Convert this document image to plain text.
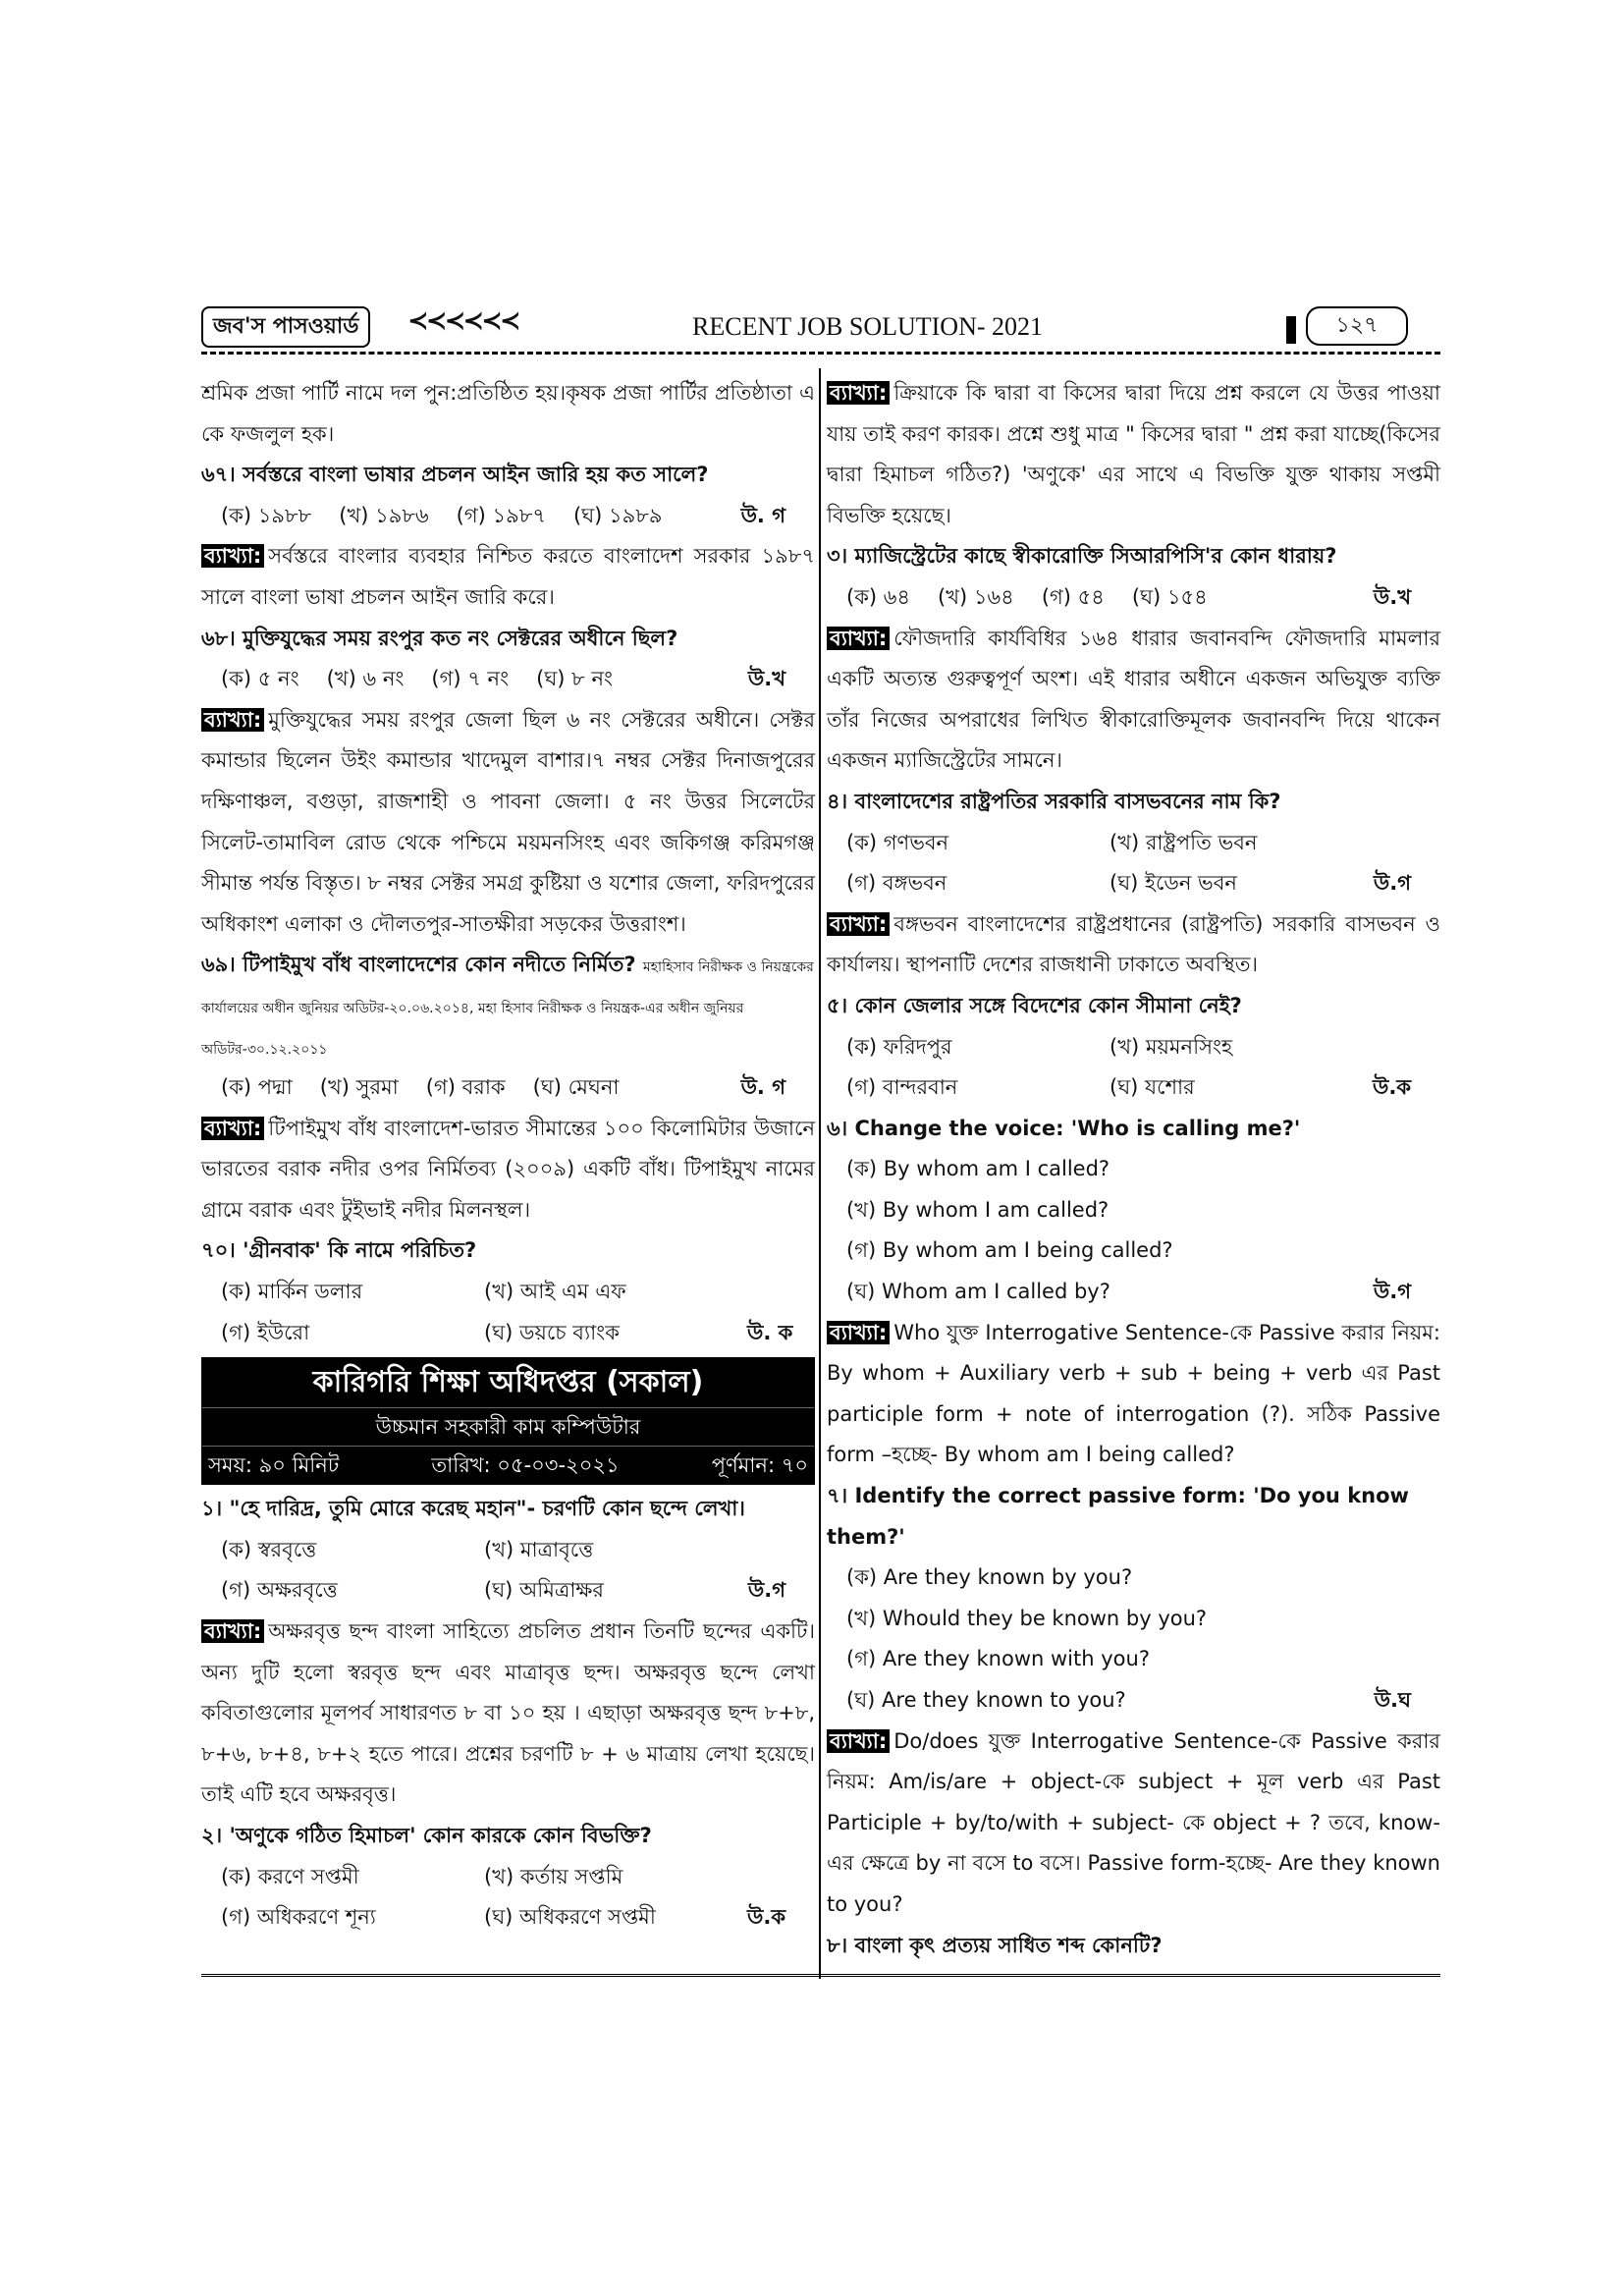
জব'স পাসওয়ার্ড	≺≺≺≺≺≺	RECENT JOB SOLUTION- 2021	১২৭
শ্রমিক প্রজা পার্টি নামে দল পুন:প্রতিষ্ঠিত হয়।কৃষক প্রজা পার্টির প্রতিষ্ঠাতা এ কে ফজলুল হক।
৬৭। সর্বস্তরে বাংলা ভাষার প্রচলন আইন জারি হয় কত সালে?
(ক) ১৯৮৮ (খ) ১৯৮৬ (গ) ১৯৮৭ (ঘ) ১৯৮৯	উ. গ
ব্যাখ্যা: সর্বস্তরে বাংলার ব্যবহার নিশ্চিত করতে বাংলাদেশ সরকার ১৯৮৭ সালে বাংলা ভাষা প্রচলন আইন জারি করে।
৬৮। মুক্তিযুদ্ধের সময় রংপুর কত নং সেক্টরের অধীনে ছিল?
(ক) ৫ নং (খ) ৬ নং (গ) ৭ নং (ঘ) ৮ নং	উ.খ
ব্যাখ্যা: মুক্তিযুদ্ধের সময় রংপুর জেলা ছিল ৬ নং সেক্টরের অধীনে। সেক্টর কমান্ডার ছিলেন উইং কমান্ডার খাদেমুল বাশার।৭ নম্বর সেক্টর দিনাজপুরের দক্ষিণাঞ্চল, বগুড়া, রাজশাহী ও পাবনা জেলা। ৫ নং উত্তর সিলেটের সিলেট-তামাবিল রোড থেকে পশ্চিমে ময়মনসিংহ এবং জকিগঞ্জ করিমগঞ্জ সীমান্ত পর্যন্ত বিস্তৃত। ৮ নম্বর সেক্টর সমগ্র কুষ্টিয়া ও যশোর জেলা, ফরিদপুরের অধিকাংশ এলাকা ও দৌলতপুর-সাতক্ষীরা সড়কের উত্তরাংশ।
৬৯। টিপাইমুখ বাঁধ বাংলাদেশের কোন নদীতে নির্মিত? মহাহিসাব নিরীক্ষক ও নিয়ন্ত্রকের কার্যালয়ের অধীন জুনিয়র অডিটর-২০.০৬.২০১৪, মহা হিসাব নিরীক্ষক ও নিয়ন্ত্রক-এর অধীন জুনিয়র অডিটর-৩০.১২.২০১১
(ক) পদ্মা (খ) সুরমা (গ) বরাক (ঘ) মেঘনা	উ. গ
ব্যাখ্যা: টিপাইমুখ বাঁধ বাংলাদেশ-ভারত সীমান্তের ১০০ কিলোমিটার উজানে ভারতের বরাক নদীর ওপর নির্মিতব্য (২০০৯) একটি বাঁধ। টিপাইমুখ নামের গ্রামে বরাক এবং টুইভাই নদীর মিলনস্থল।
৭০। 'গ্রীনবাক' কি নামে পরিচিত?
(ক) মার্কিন ডলার	(খ) আই এম এফ
(গ) ইউরো	(ঘ) ডয়চে ব্যাংক	উ. ক
কারিগরি শিক্ষা অধিদপ্তর (সকাল)
উচ্চমান সহকারী কাম কম্পিউটার
সময়: ৯০ মিনিট	তারিখ: ০৫-০৩-২০২১	পূর্ণমান: ৭০
১। "হে দারিদ্র, তুমি মোরে করেছ মহান"- চরণটি কোন ছন্দে লেখা।
(ক) স্বরবৃত্তে	(খ) মাত্রাবৃত্তে
(গ) অক্ষরবৃত্তে	(ঘ) অমিত্রাক্ষর	উ.গ
ব্যাখ্যা: অক্ষরবৃত্ত ছন্দ বাংলা সাহিত্যে প্রচলিত প্রধান তিনটি ছন্দের একটি। অন্য দুটি হলো স্বরবৃত্ত ছন্দ এবং মাত্রাবৃত্ত ছন্দ। অক্ষরবৃত্ত ছন্দে লেখা কবিতাগুলোর মূলপর্ব সাধারণত ৮ বা ১০ হয় । এছাড়া অক্ষরবৃত্ত ছন্দ ৮+৮, ৮+৬, ৮+৪, ৮+২ হতে পারে। প্রশ্নের চরণটি ৮ + ৬ মাত্রায় লেখা হয়েছে। তাই এটি হবে অক্ষরবৃত্ত।
২। 'অণুকে গঠিত হিমাচল' কোন কারকে কোন বিভক্তি?
(ক) করণে সপ্তমী	(খ) কর্তায় সপ্তমি
(গ) অধিকরণে শূন্য	(ঘ) অধিকরণে সপ্তমী	উ.ক
ব্যাখ্যা: ক্রিয়াকে কি দ্বারা বা কিসের দ্বারা দিয়ে প্রশ্ন করলে যে উত্তর পাওয়া যায় তাই করণ কারক। প্রশ্নে শুধু মাত্র " কিসের দ্বারা " প্রশ্ন করা যাচ্ছে(কিসের দ্বারা হিমাচল গঠিত?) 'অণুকে' এর সাথে এ বিভক্তি যুক্ত থাকায় সপ্তমী বিভক্তি হয়েছে।
৩। ম্যাজিস্ট্রেটের কাছে স্বীকারোক্তি সিআরপিসি'র কোন ধারায়?
(ক) ৬৪ (খ) ১৬৪ (গ) ৫৪ (ঘ) ১৫৪	উ.খ
ব্যাখ্যা: ফৌজদারি কার্যবিধির ১৬৪ ধারার জবানবন্দি ফৌজদারি মামলার একটি অত্যন্ত গুরুত্বপূর্ণ অংশ। এই ধারার অধীনে একজন অভিযুক্ত ব্যক্তি তাঁর নিজের অপরাধের লিখিত স্বীকারোক্তিমূলক জবানবন্দি দিয়ে থাকেন একজন ম্যাজিস্ট্রেটের সামনে।
৪। বাংলাদেশের রাষ্ট্রপতির সরকারি বাসভবনের নাম কি?
(ক) গণভবন	(খ) রাষ্ট্রপতি ভবন
(গ) বঙ্গভবন	(ঘ) ইডেন ভবন	উ.গ
ব্যাখ্যা: বঙ্গভবন বাংলাদেশের রাষ্ট্রপ্রধানের (রাষ্ট্রপতি) সরকারি বাসভবন ও কার্যালয়। স্থাপনাটি দেশের রাজধানী ঢাকাতে অবস্থিত।
৫। কোন জেলার সঙ্গে বিদেশের কোন সীমানা নেই?
(ক) ফরিদপুর	(খ) ময়মনসিংহ
(গ) বান্দরবান	(ঘ) যশোর	উ.ক
৬। Change the voice: 'Who is calling me?'
(ক) By whom am I called?
(খ) By whom I am called?
(গ) By whom am I being called?
(ঘ) Whom am I called by?	উ.গ
ব্যাখ্যা: Who যুক্ত Interrogative Sentence-কে Passive করার নিয়ম: By whom + Auxiliary verb + sub + being + verb এর Past participle form + note of interrogation (?). সঠিক Passive form –হচ্ছে- By whom am I being called?
৭। Identify the correct passive form: 'Do you know them?'
(ক) Are they known by you?
(খ) Whould they be known by you?
(গ) Are they known with you?
(ঘ) Are they known to you?	উ.ঘ
ব্যাখ্যা: Do/does যুক্ত Interrogative Sentence-কে Passive করার নিয়ম: Am/is/are + object-কে subject + মূল verb এর Past Participle + by/to/with + subject- কে object + ? তবে, know- এর ক্ষেত্রে by না বসে to বসে। Passive form-হচ্ছে- Are they known to you?
৮। বাংলা কৃৎ প্রত্যয় সাধিত শব্দ কোনটি?
